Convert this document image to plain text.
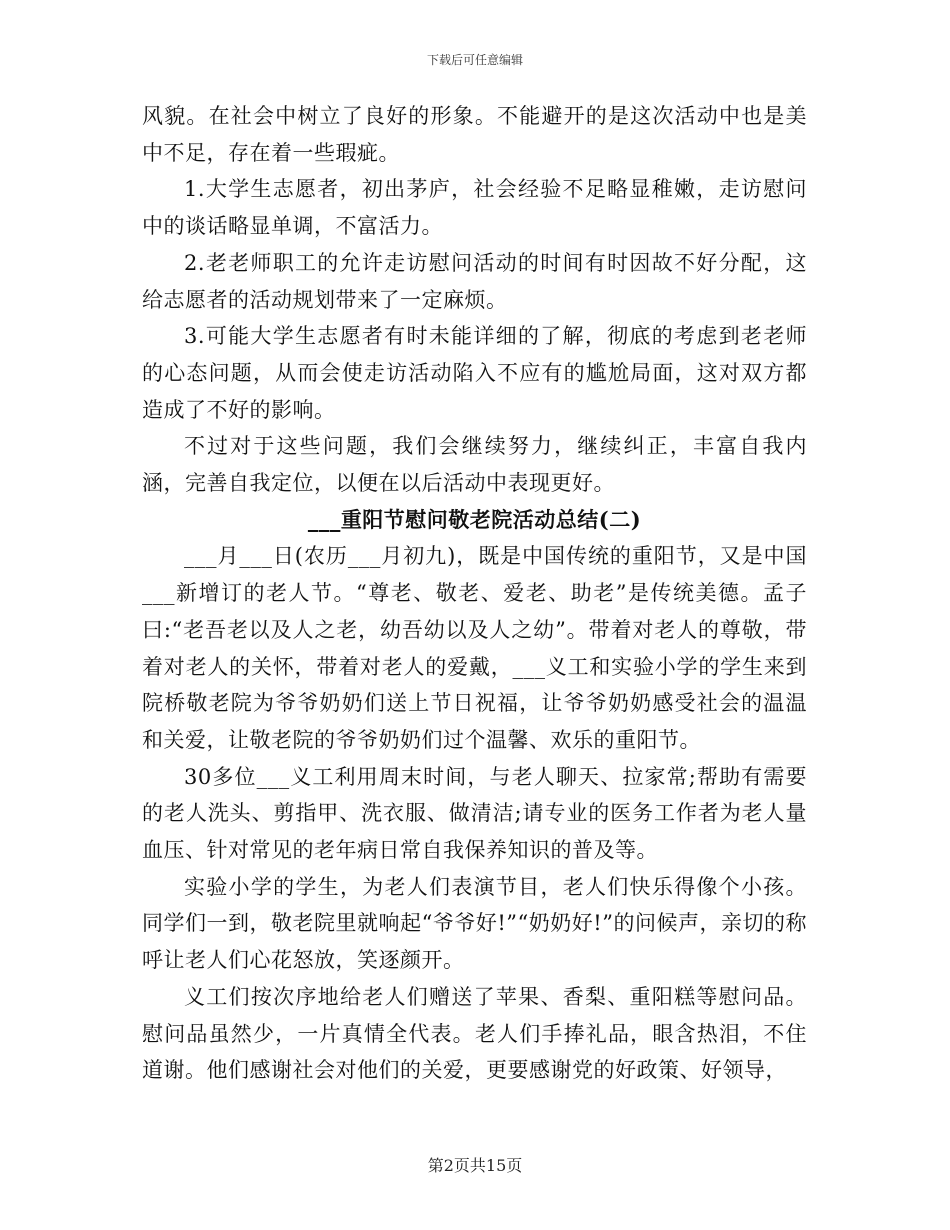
下载后可任意编辑

风貌。在社会中树立了良好的形象。不能避开的是这次活动中也是美中不足，存在着一些瑕疵。

1.大学生志愿者，初出茅庐，社会经验不足略显稚嫩，走访慰问中的谈话略显单调，不富活力。

2.老老师职工的允许走访慰问活动的时间有时因故不好分配，这给志愿者的活动规划带来了一定麻烦。

3.可能大学生志愿者有时未能详细的了解，彻底的考虑到老老师的心态问题，从而会使走访活动陷入不应有的尴尬局面，这对双方都造成了不好的影响。

不过对于这些问题，我们会继续努力，继续纠正，丰富自我内涵，完善自我定位，以便在以后活动中表现更好。

___重阳节慰问敬老院活动总结(二)

___月___日(农历___月初九)，既是中国传统的重阳节，又是中国___新增订的老人节。“尊老、敬老、爱老、助老”是传统美德。孟子曰:“老吾老以及人之老，幼吾幼以及人之幼”。带着对老人的尊敬，带着对老人的关怀，带着对老人的爱戴，___义工和实验小学的学生来到院桥敬老院为爷爷奶奶们送上节日祝福，让爷爷奶奶感受社会的温温和关爱，让敬老院的爷爷奶奶们过个温馨、欢乐的重阳节。

30多位___义工利用周末时间，与老人聊天、拉家常;帮助有需要的老人洗头、剪指甲、洗衣服、做清洁;请专业的医务工作者为老人量血压、针对常见的老年病日常自我保养知识的普及等。

实验小学的学生，为老人们表演节目，老人们快乐得像个小孩。同学们一到，敬老院里就响起“爷爷好!”“奶奶好!”的问候声，亲切的称呼让老人们心花怒放，笑逐颜开。

义工们按次序地给老人们赠送了苹果、香梨、重阳糕等慰问品。慰问品虽然少，一片真情全代表。老人们手捧礼品，眼含热泪，不住道谢。他们感谢社会对他们的关爱，更要感谢党的好政策、好领导，

第2页共15页
